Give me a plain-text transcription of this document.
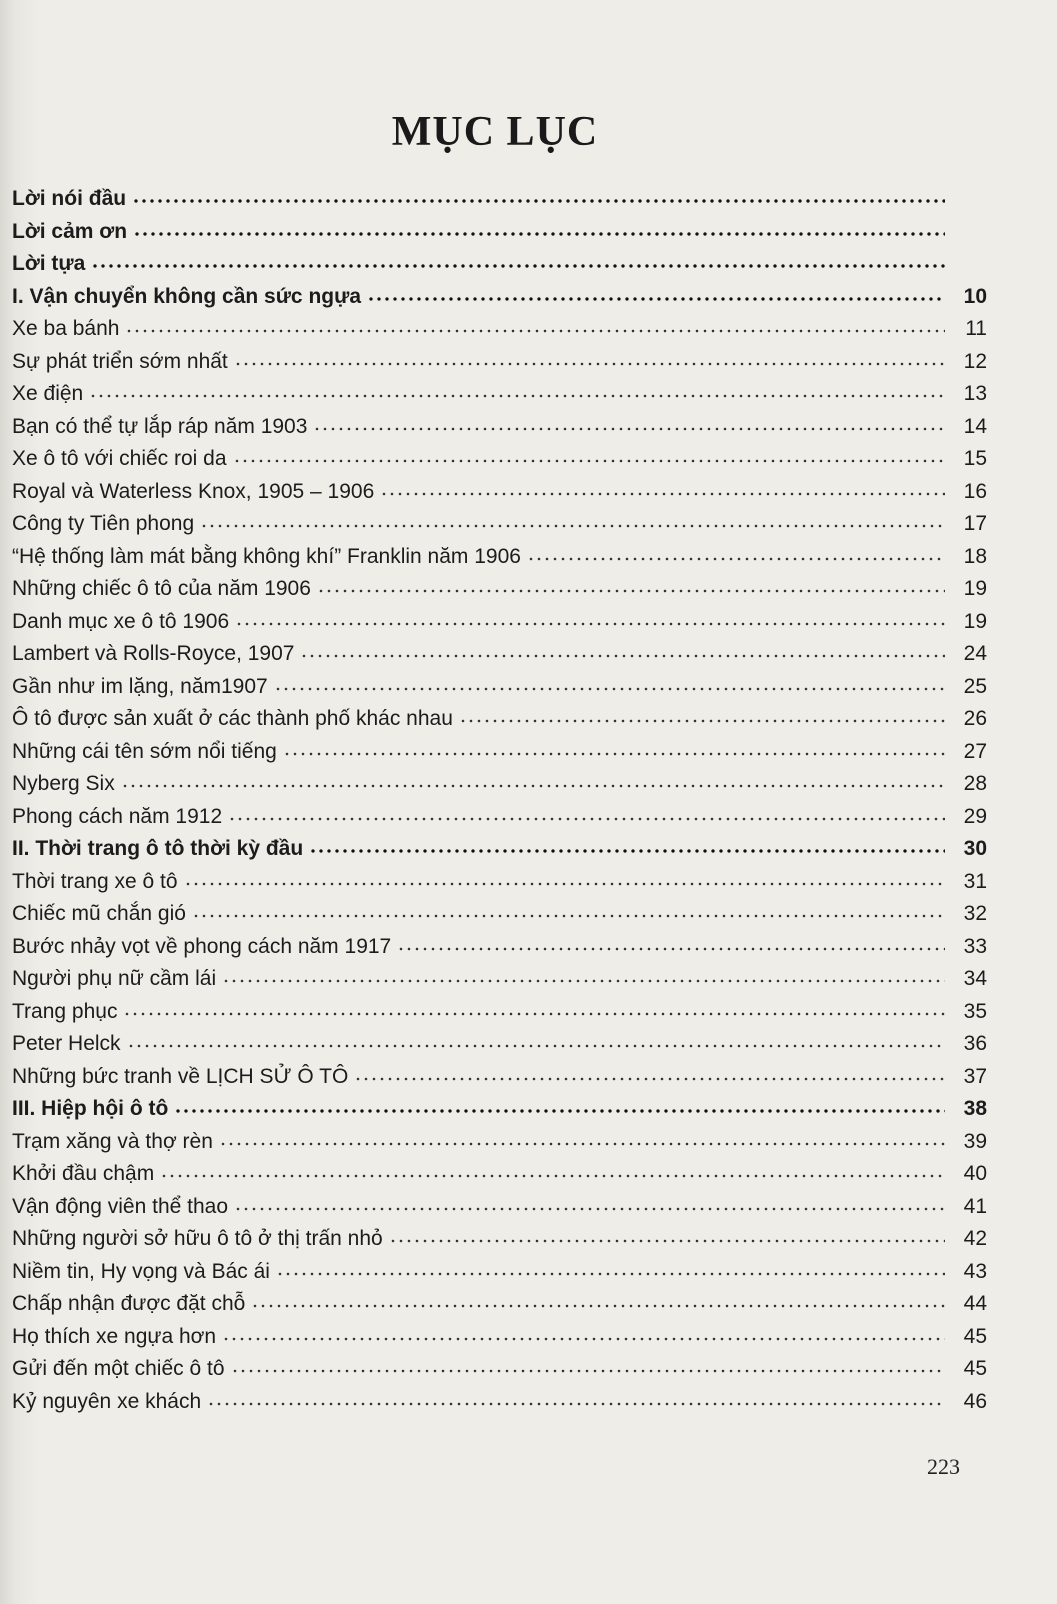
MỤC LỤC
Lời nói đầu
Lời cảm ơn
Lời tựa
I. Vận chuyển không cần sức ngựa	10
Xe ba bánh	11
Sự phát triển sớm nhất	12
Xe điện	13
Bạn có thể tự lắp ráp năm 1903	14
Xe ô tô với chiếc roi da	15
Royal và Waterless Knox, 1905 – 1906	16
Công ty Tiên phong	17
“Hệ thống làm mát bằng không khí” Franklin năm 1906	18
Những chiếc ô tô của năm 1906	19
Danh mục xe ô tô 1906	19
Lambert và Rolls-Royce, 1907	24
Gần như im lặng, năm1907	25
Ô tô được sản xuất ở các thành phố khác nhau	26
Những cái tên sớm nổi tiếng	27
Nyberg Six	28
Phong cách năm 1912	29
II. Thời trang ô tô thời kỳ đầu	30
Thời trang xe ô tô	31
Chiếc mũ chắn gió	32
Bước nhảy vọt về phong cách năm 1917	33
Người phụ nữ cầm lái	34
Trang phục	35
Peter Helck	36
Những bức tranh về LỊCH SỬ Ô TÔ	37
III. Hiệp hội ô tô	38
Trạm xăng và thợ rèn	39
Khởi đầu chậm	40
Vận động viên thể thao	41
Những người sở hữu ô tô ở thị trấn nhỏ	42
Niềm tin, Hy vọng và Bác ái	43
Chấp nhận được đặt chỗ	44
Họ thích xe ngựa hơn	45
Gửi đến một chiếc ô tô	45
Kỷ nguyên xe khách	46
223
